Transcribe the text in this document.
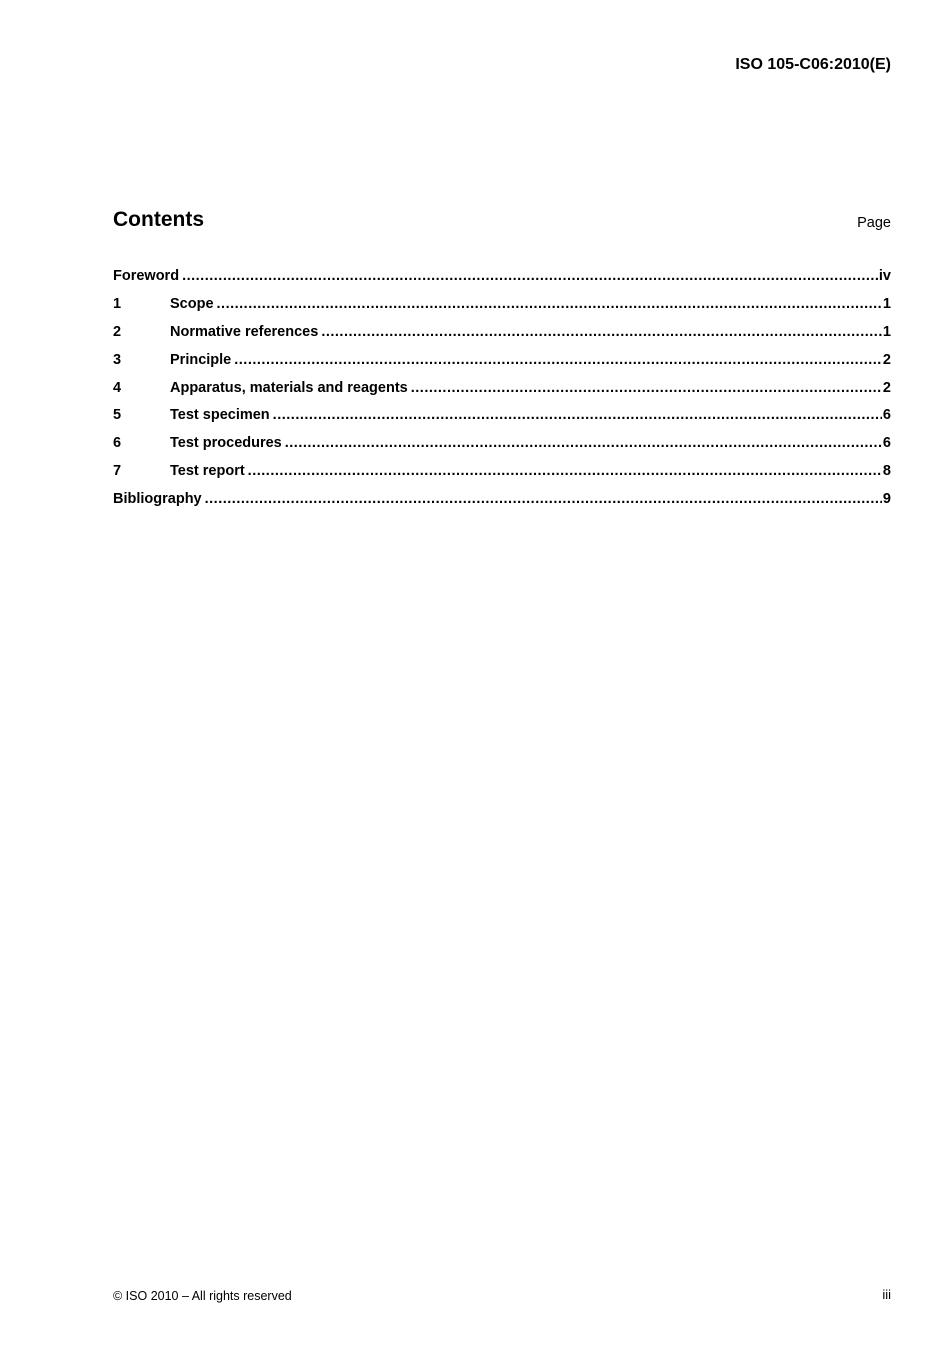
ISO 105-C06:2010(E)
Contents	Page
Foreword .....	iv
1	Scope .....	1
2	Normative references .....	1
3	Principle .....	2
4	Apparatus, materials and reagents .....	2
5	Test specimen .....	6
6	Test procedures .....	6
7	Test report .....	8
Bibliography .....	9
© ISO 2010 – All rights reserved	iii
